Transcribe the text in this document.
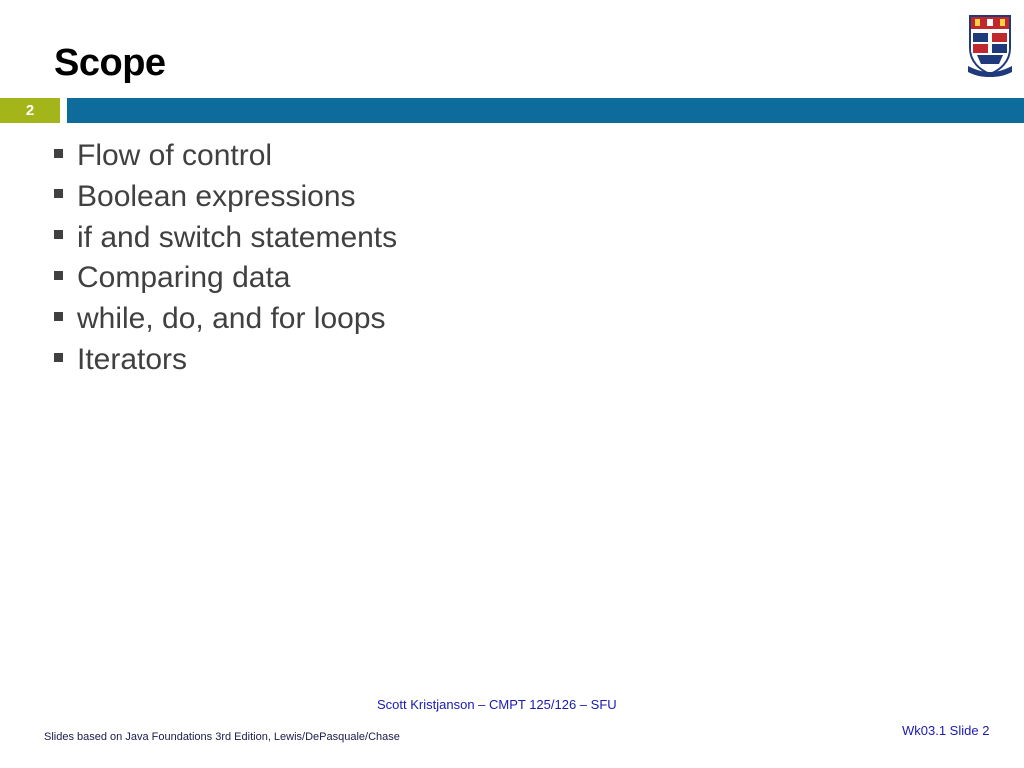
Scope
2
Flow of control
Boolean expressions
if and switch statements
Comparing data
while, do, and for loops
Iterators
Scott Kristjanson – CMPT 125/126 – SFU
Slides based on Java Foundations 3rd Edition, Lewis/DePasquale/Chase	Wk03.1 Slide 2
